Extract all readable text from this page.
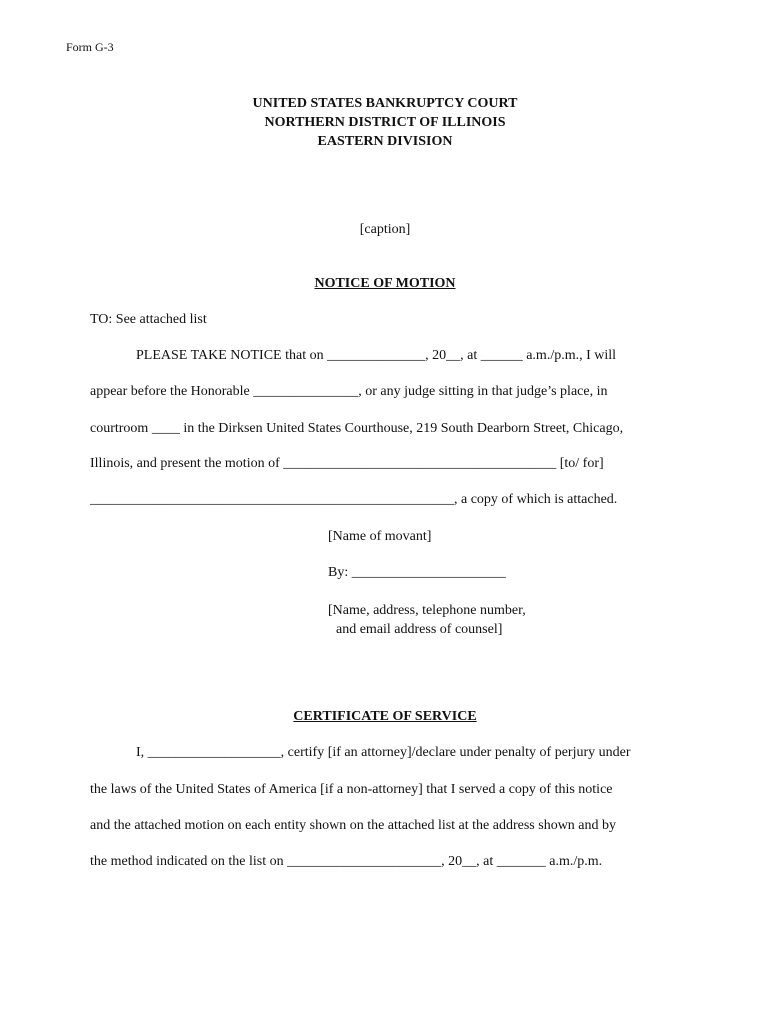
Form G-3
UNITED STATES BANKRUPTCY COURT
NORTHERN DISTRICT OF ILLINOIS
EASTERN DIVISION
[caption]
NOTICE OF MOTION
TO: See attached list
PLEASE TAKE NOTICE that on ______________, 20__, at ______ a.m./p.m., I will
appear before the Honorable _______________, or any judge sitting in that judge’s place, in
courtroom ____ in the Dirksen United States Courthouse, 219 South Dearborn Street, Chicago,
Illinois, and present the motion of _______________________________________ [to/ for]
____________________________________________________, a copy of which is attached.
[Name of movant]
By: ______________________
[Name, address, telephone number,
and email address of counsel]
CERTIFICATE OF SERVICE
I, ___________________, certify [if an attorney]/declare under penalty of perjury under
the laws of the United States of America [if a non-attorney] that I served a copy of this notice
and the attached motion on each entity shown on the attached list at the address shown and by
the method indicated on the list on ______________________, 20__, at _______ a.m./p.m.
